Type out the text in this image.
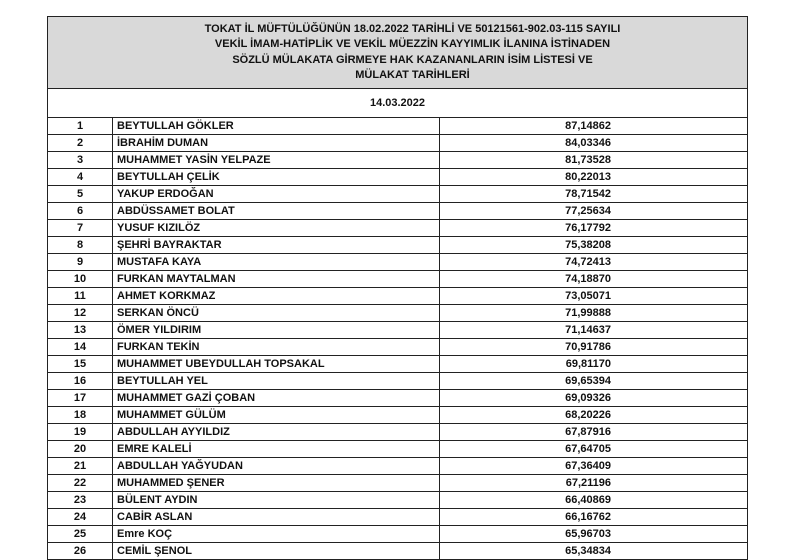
TOKAT İL MÜFTÜLÜĞÜNÜN 18.02.2022 TARİHLİ VE 50121561-902.03-115 SAYILI
VEKİL İMAM-HATİPLİK VE VEKİL MÜEZZİN KAYYIMLIK İLANINA İSTİNADEN
SÖZLÜ MÜLAKATA GİRMEYE HAK KAZANANLARIN İSİM LİSTESİ VE
MÜLAKAT TARİHLERİ
14.03.2022
1	BEYTULLAH GÖKLER	87,14862
2	İBRAHİM DUMAN	84,03346
3	MUHAMMET YASİN YELPAZE	81,73528
4	BEYTULLAH ÇELİK	80,22013
5	YAKUP ERDOĞAN	78,71542
6	ABDÜSSAMET BOLAT	77,25634
7	YUSUF KIZILÖZ	76,17792
8	ŞEHRİ BAYRAKTAR	75,38208
9	MUSTAFA KAYA	74,72413
10	FURKAN MAYTALMAN	74,18870
11	AHMET KORKMAZ	73,05071
12	SERKAN ÖNCÜ	71,99888
13	ÖMER YILDIRIM	71,14637
14	FURKAN TEKİN	70,91786
15	MUHAMMET UBEYDULLAH TOPSAKAL	69,81170
16	BEYTULLAH YEL	69,65394
17	MUHAMMET GAZİ ÇOBAN	69,09326
18	MUHAMMET GÜLÜM	68,20226
19	ABDULLAH AYYILDIZ	67,87916
20	EMRE KALELİ	67,64705
21	ABDULLAH YAĞYUDAN	67,36409
22	MUHAMMED ŞENER	67,21196
23	BÜLENT AYDIN	66,40869
24	CABİR ASLAN	66,16762
25	Emre KOÇ	65,96703
26	CEMİL ŞENOL	65,34834
